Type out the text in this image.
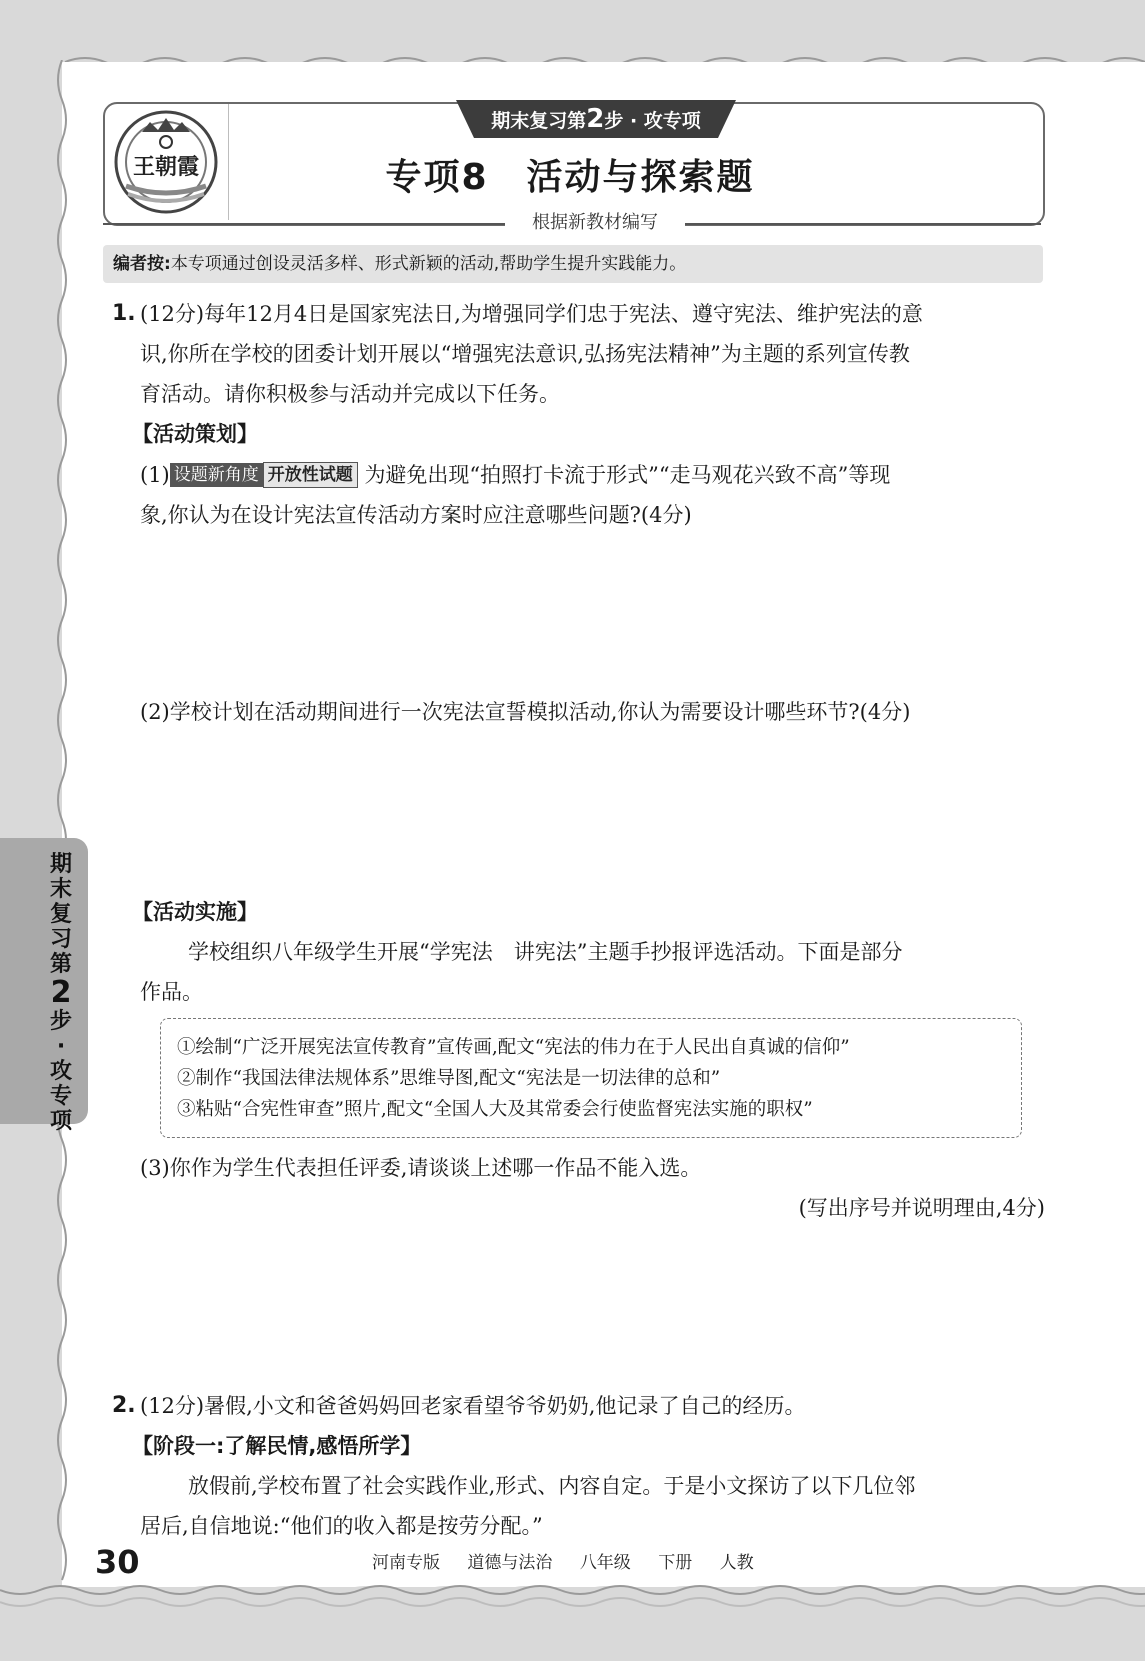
王朝霞
期末复习第2步 · 攻专项
专项8　活动与探索题
根据新教材编写
编者按:本专项通过创设灵活多样、形式新颖的活动,帮助学生提升实践能力。
1. (12分)每年12月4日是国家宪法日,为增强同学们忠于宪法、遵守宪法、维护宪法的意
识,你所在学校的团委计划开展以“增强宪法意识,弘扬宪法精神”为主题的系列宣传教
育活动。请你积极参与活动并完成以下任务。
【活动策划】
(1) 设题新角度 开放性试题 为避免出现“拍照打卡流于形式”“走马观花兴致不高”等现
象,你认为在设计宪法宣传活动方案时应注意哪些问题?(4分)
(2)学校计划在活动期间进行一次宪法宣誓模拟活动,你认为需要设计哪些环节?(4分)
【活动实施】
学校组织八年级学生开展“学宪法　讲宪法”主题手抄报评选活动。下面是部分
作品。
①绘制“广泛开展宪法宣传教育”宣传画,配文“宪法的伟力在于人民出自真诚的信仰”
②制作“我国法律法规体系”思维导图,配文“宪法是一切法律的总和”
③粘贴“合宪性审查”照片,配文“全国人大及其常委会行使监督宪法实施的职权”
(3)你作为学生代表担任评委,请谈谈上述哪一作品不能入选。
(写出序号并说明理由,4分)
2. (12分)暑假,小文和爸爸妈妈回老家看望爷爷奶奶,他记录了自己的经历。
【阶段一:了解民情,感悟所学】
放假前,学校布置了社会实践作业,形式、内容自定。于是小文探访了以下几位邻
居后,自信地说:“他们的收入都是按劳分配。”
期
末
复
习
第
2
步
·
攻
专
项
30	河南专版 道德与法治 八年级 下册 人教
